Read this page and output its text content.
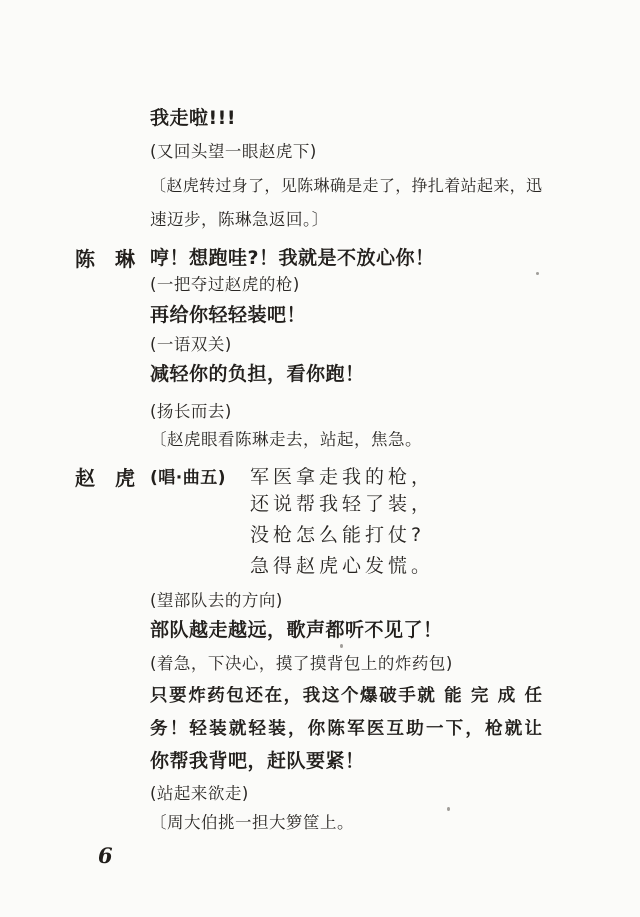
我走啦!!!
(又回头望一眼赵虎下)
〔赵虎转过身了，见陈琳确是走了，挣扎着站起来，迅
速迈步，陈琳急返回。〕
陈　琳 哼！想跑哇?！我就是不放心你！
(一把夺过赵虎的枪)
再给你轻轻装吧！
(一语双关)
减轻你的负担，看你跑！
(扬长而去)
〔赵虎眼看陈琳走去，站起，焦急。
赵　虎 (唱·曲五) 军医拿走我的枪，
还说帮我轻了装，
没枪怎么能打仗?
急得赵虎心发慌。
(望部队去的方向)
部队越走越远，歌声都听不见了！
(着急，下决心，摸了摸背包上的炸药包)
只要炸药包还在，我这个爆破手就 能 完 成 任
务！轻装就轻装，你陈军医互助一下，枪就让
你帮我背吧，赶队要紧！
(站起来欲走)
〔周大伯挑一担大箩筐上。
6
